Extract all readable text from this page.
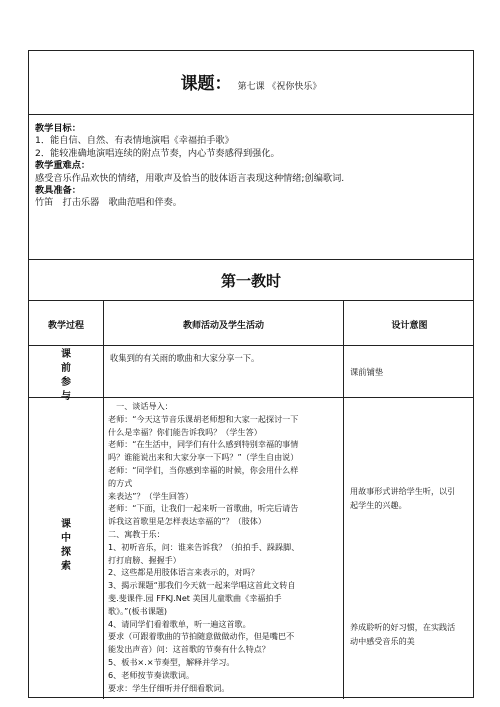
课题： 第七课 《祝你快乐》
教学目标：
1．能自信、自然、有表情地演唱《幸福拍手歌》
2．能较准确地演唱连续的附点节奏，内心节奏感得到强化。
教学重难点：
感受音乐作品欢快的情绪，用歌声及恰当的肢体语言表现这种情绪;创编歌词.
教具准备：
竹笛　打击乐器　歌曲范唱和伴奏。
第一教时
教学过程	教师活动及学生活动	设计意图
课
前
参
与
收集到的有关雨的歌曲和大家分享一下。
课前铺垫
课
中
探
索
　一、谈话导入：
老师：“今天这节音乐课胡老师想和大家一起探讨一下
什么是幸福？你们能告诉我吗？（学生答）
老师：“在生活中，同学们有什么感到特别幸福的事情
吗？谁能说出来和大家分享一下吗？”（学生自由说）
老师：“同学们，当你感到幸福的时候，你会用什么样
的方式
来表达”？（学生回答）
老师：“下面，让我们一起来听一首歌曲，听完后请告
诉我这首歌里是怎样表达幸福的”？（肢体）
二、寓教于乐：
1、初听音乐，问：谁来告诉我？（拍拍手、跺跺脚、
打打肩膀、握握手）
2、这些都是用肢体语言来表示的，对吗？
3、揭示课题“那我们今天就一起来学唱这首此文转自
斐.斐课件.园 FFKJ.Net 美国儿童歌曲《幸福拍手
歌》。”(板书课题)
4、请同学们看着歌单，听一遍这首歌。
要求（可跟着歌曲的节拍随意做做动作，但是嘴巴不
能发出声音）问：这首歌的节奏有什么特点？
5、板书×.×节奏型，解释并学习。
6、老师按节奏读歌词。
要求：学生仔细听并仔细看歌词。
用故事形式讲给学生听，以引
起学生的兴趣。
养成聆听的好习惯，在实践活
动中感受音乐的美
